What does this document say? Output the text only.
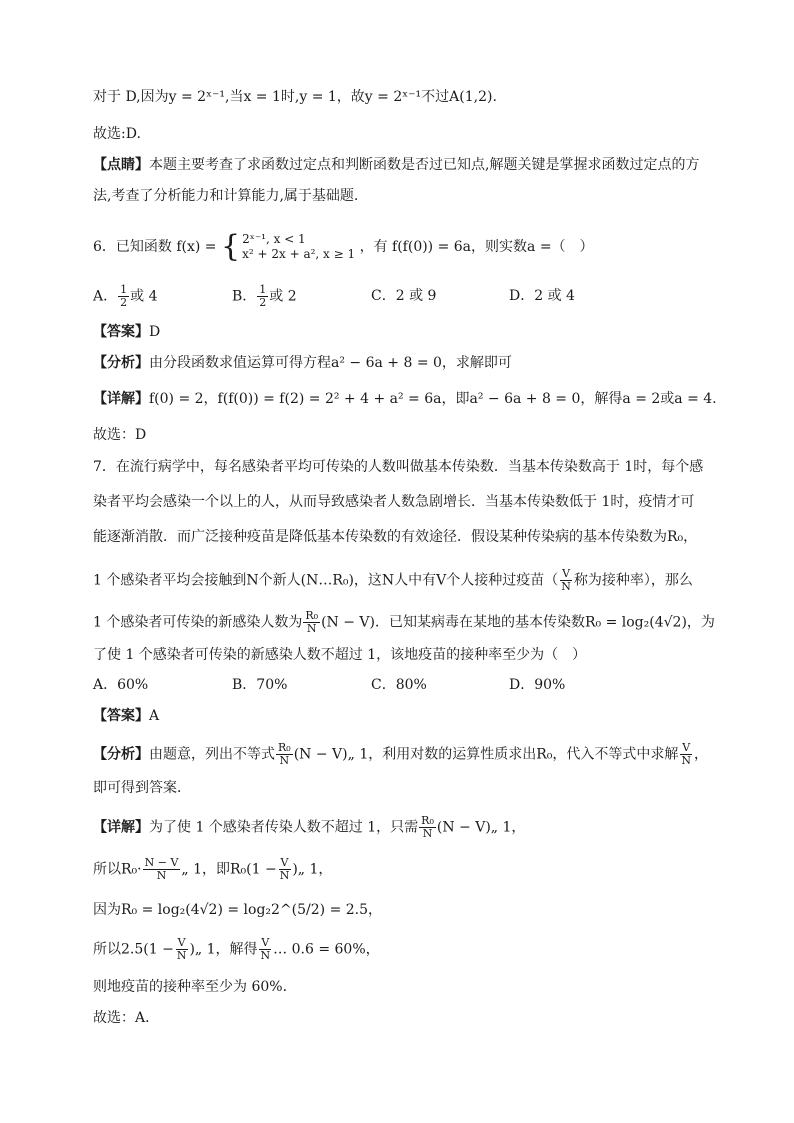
对于 D,因为y = 2ˣ⁻¹,当x = 1时,y = 1，故y = 2ˣ⁻¹不过A(1,2).
故选:D.
【点睛】本题主要考查了求函数过定点和判断函数是否过已知点,解题关键是掌握求函数过定点的方
法,考查了分析能力和计算能力,属于基础题.
6．已知函数 f(x) = { 2ˣ⁻¹, x < 1
x² + 2x + a², x ≥ 1 ，有 f(f(0)) = 6a，则实数a =（　）
A． $\frac{1}{2}$ 或 4	B． $\frac{1}{2}$ 或 2	C．2 或 9	D．2 或 4
【答案】D
【分析】由分段函数求值运算可得方程a² − 6a + 8 = 0，求解即可
【详解】f(0) = 2，f(f(0)) = f(2) = 2² + 4 + a² = 6a，即a² − 6a + 8 = 0，解得a = 2或a = 4.
故选：D
7．在流行病学中，每名感染者平均可传染的人数叫做基本传染数．当基本传染数高于 1时，每个感
染者平均会感染一个以上的人，从而导致感染者人数急剧增长．当基本传染数低于 1时，疫情才可
能逐渐消散．而广泛接种疫苗是降低基本传染数的有效途径．假设某种传染病的基本传染数为R₀，
1 个感染者平均会接触到N个新人(N…R₀)，这N人中有V个人接种过疫苗（ $\frac{V}{N}$ 称为接种率），那么
1 个感染者可传染的新感染人数为 $\frac{\text{R₀}}{N} (N - V)$．已知某病毒在某地的基本传染数R₀ = log₂(4√2)，为
了使 1 个感染者可传染的新感染人数不超过 1，该地疫苗的接种率至少为（　）
A．60%	B．70%	C．80%	D．90%
【答案】A
【分析】由题意，列出不等式 $\frac{\text{R₀}}{N} (N$ − V)„ 1，利用对数的运算性质求出R₀，代入不等式中求解 $\frac{V}{N}$ ，
即可得到答案．
【详解】为了使 1 个感染者传染人数不超过 1，只需 $\frac{\text{R₀}}{N} (N$ − V)„ 1，
所以$R_0\cdot \frac{N - V}{N}$ „ 1，即$R_0(1 - \frac{V}{N}$ )„ 1，
因为R₀ = log₂(4√2) = log₂2^(5/2) = 2.5，
所以$2.5(1 - \frac{V}{N}$ )„ 1，解得 $\frac{V}{N}$ … 0.6 = 60%，
则地疫苗的接种率至少为 60%．
故选：A．
